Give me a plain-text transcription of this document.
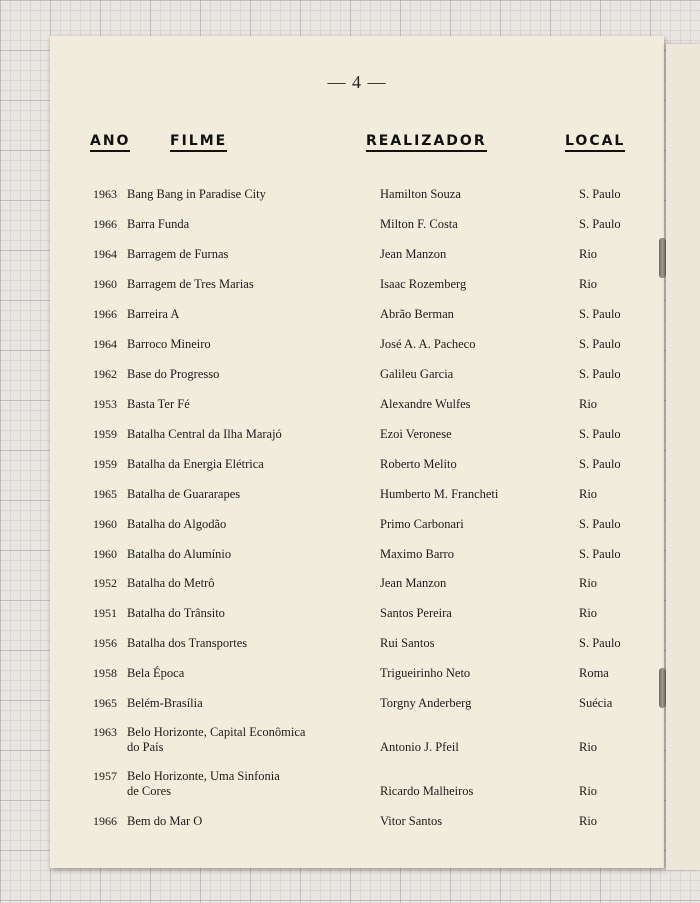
— 4 —
ANO	FILME	REALIZADOR	LOCAL
1963 Bang Bang in Paradise City	Hamilton Souza	S. Paulo
1966 Barra Funda	Milton F. Costa	S. Paulo
1964 Barragem de Furnas	Jean Manzon	Rio
1960 Barragem de Tres Marias	Isaac Rozemberg	Rio
1966 Barreira A	Abrão Berman	S. Paulo
1964 Barroco Mineiro	José A. A. Pacheco	S. Paulo
1962 Base do Progresso	Galileu Garcia	S. Paulo
1953 Basta Ter Fé	Alexandre Wulfes	Rio
1959 Batalha Central da Ilha Marajó	Ezoi Veronese	S. Paulo
1959 Batalha da Energia Elétrica	Roberto Melito	S. Paulo
1965 Batalha de Guararapes	Humberto M. Francheti	Rio
1960 Batalha do Algodão	Primo Carbonari	S. Paulo
1960 Batalha do Alumínio	Maximo Barro	S. Paulo
1952 Batalha do Metrô	Jean Manzon	Rio
1951 Batalha do Trânsito	Santos Pereira	Rio
1956 Batalha dos Transportes	Rui Santos	S. Paulo
1958 Bela Época	Trigueirinho Neto	Roma
1965 Belém-Brasília	Torgny Anderberg	Suécia
1963 Belo Horizonte, Capital Econômica
do País	Antonio J. Pfeil	Rio
1957 Belo Horizonte, Uma Sinfonia
de Cores	Ricardo Malheiros	Rio
1966 Bem do Mar O	Vitor Santos	Rio
